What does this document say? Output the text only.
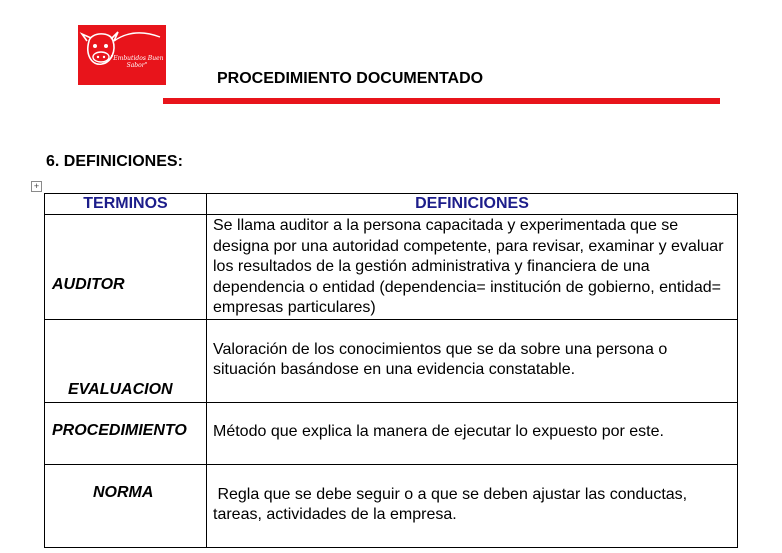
"Embutidos Buen Sabor"
PROCEDIMIENTO DOCUMENTADO
6. DEFINICIONES:
+
TERMINOS	DEFINICIONES

AUDITOR	Se llama auditor a la persona capacitada y experimentada que se designa por una autoridad competente, para revisar, examinar y evaluar los resultados de la gestión administrativa y financiera de una dependencia o entidad (dependencia= institución de gobierno, entidad= empresas particulares)

EVALUACION	Valoración de los conocimientos que se da sobre una persona o situación basándose en una evidencia constatable.

PROCEDIMIENTO	Método que explica la manera de ejecutar lo expuesto por este.

NORMA	Regla que se debe seguir o a que se deben ajustar las conductas, tareas, actividades de la empresa.
